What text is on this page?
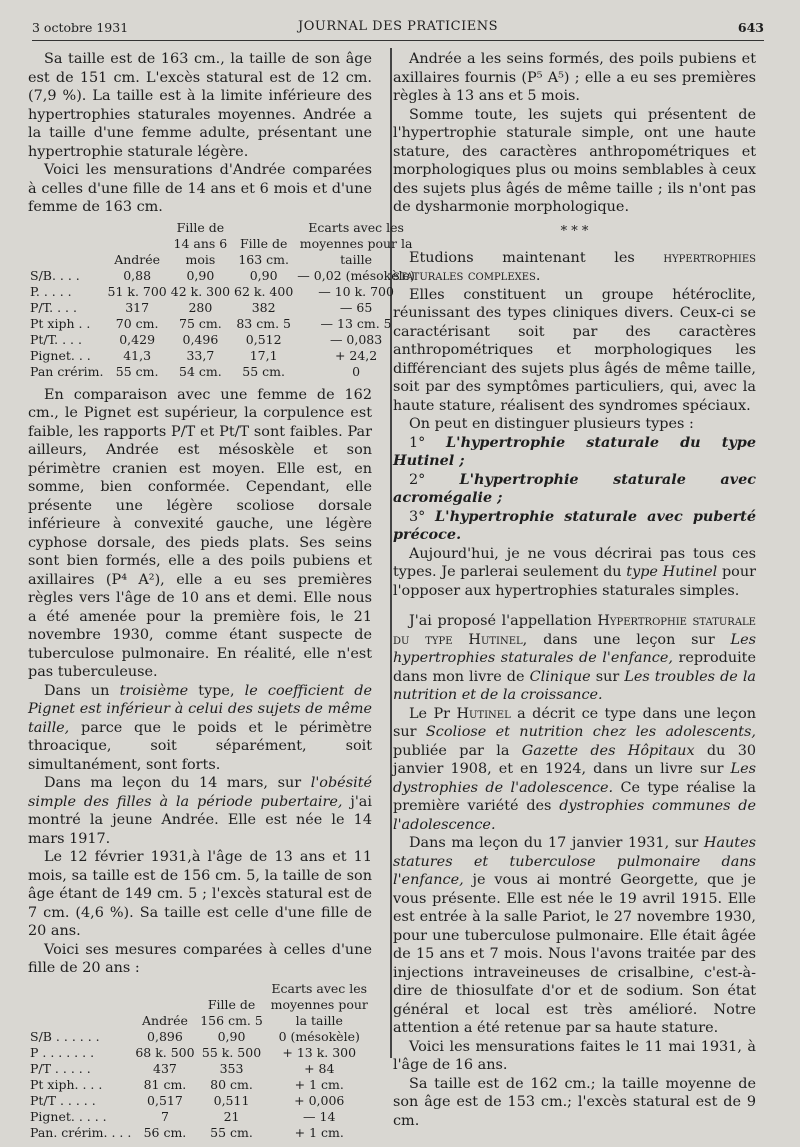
3 octobre 1931	JOURNAL DES PRATICIENS	643

Sa taille est de 163 cm., la taille de son âge est de 151 cm. L'excès statural est de 12 cm. (7,9 %). La taille est à la limite inférieure des hypertrophies staturales moyennes. Andrée a la taille d'une femme adulte, présentant une hypertrophie staturale légère.

Voici les mensurations d'Andrée comparées à celles d'une fille de 14 ans et 6 mois et d'une femme de 163 cm.

	Andrée	Fille de 14 ans 6 mois	Fille de 163 cm.	Ecarts avec les moyennes pour la taille
S/B. . . .	0,88	0,90	0,90	— 0,02 (mésokèle)
P. . . . .	51 k. 700	42 k. 300	62 k. 400	— 10 k. 700
P/T. . . .	317	280	382	— 65
Pt xiph . .	70 cm.	75 cm.	83 cm. 5	— 13 cm. 5
Pt/T. . . .	0,429	0,496	0,512	— 0,083
Pignet. . .	41,3	33,7	17,1	+ 24,2
Pan crérim.	55 cm.	54 cm.	55 cm.	0

En comparaison avec une femme de 162 cm., le Pignet est supérieur, la corpulence est faible, les rapports P/T et Pt/T sont faibles. Par ailleurs, Andrée est mésoskèle et son périmètre cranien est moyen. Elle est, en somme, bien conformée. Cependant, elle présente une légère scoliose dorsale inférieure à convexité gauche, une légère cyphose dorsale, des pieds plats. Ses seins sont bien formés, elle a des poils pubiens et axillaires (P⁴ A²), elle a eu ses premières règles vers l'âge de 10 ans et demi. Elle nous a été amenée pour la première fois, le 21 novembre 1930, comme étant suspecte de tuberculose pulmonaire. En réalité, elle n'est pas tuberculeuse.

Dans un troisième type, le coefficient de Pignet est inférieur à celui des sujets de même taille, parce que le poids et le périmètre throacique, soit séparément, soit simultanément, sont forts.

Dans ma leçon du 14 mars, sur l'obésité simple des filles à la période pubertaire, j'ai montré la jeune Andrée. Elle est née le 14 mars 1917.

Le 12 février 1931,à l'âge de 13 ans et 11 mois, sa taille est de 156 cm. 5, la taille de son âge étant de 149 cm. 5 ; l'excès statural est de 7 cm. (4,6 %). Sa taille est celle d'une fille de 20 ans.

Voici ses mesures comparées à celles d'une fille de 20 ans :

	Andrée	Fille de 156 cm. 5	Ecarts avec les moyennes pour la taille
S/B . . . . . .	0,896	0,90	0 (mésokèle)
P . . . . . . .	68 k. 500	55 k. 500	+ 13 k. 300
P/T . . . . .	437	353	+ 84
Pt xiph. . . .	81 cm.	80 cm.	+ 1 cm.
Pt/T . . . . .	0,517	0,511	+ 0,006
Pignet. . . . .	7	21	— 14
Pan. crérim. . . .	56 cm.	55 cm.	+ 1 cm.

Andrée a les seins formés, des poils pubiens et axillaires fournis (P⁵ A⁵) ; elle a eu ses premières règles à 13 ans et 5 mois.

Somme toute, les sujets qui présentent de l'hypertrophie staturale simple, ont une haute stature, des caractères anthropométriques et morphologiques plus ou moins semblables à ceux des sujets plus âgés de même taille ; ils n'ont pas de dysharmonie morphologique.

* * *

Etudions maintenant les hypertrophies staturales complexes.

Elles constituent un groupe hétéroclite, réunissant des types cliniques divers. Ceux-ci se caractérisant soit par des caractères anthropométriques et morphologiques les différenciant des sujets plus âgés de même taille, soit par des symptômes particuliers, qui, avec la haute stature, réalisent des syndromes spéciaux.

On peut en distinguer plusieurs types :

1° L'hypertrophie staturale du type Hutinel ;

2° L'hypertrophie staturale avec acromégalie ;

3° L'hypertrophie staturale avec puberté précoce.

Aujourd'hui, je ne vous décrirai pas tous ces types. Je parlerai seulement du type Hutinel pour l'opposer aux hypertrophies staturales simples.

J'ai proposé l'appellation Hypertrophie staturale du type Hutinel, dans une leçon sur Les hypertrophies staturales de l'enfance, reproduite dans mon livre de Clinique sur Les troubles de la nutrition et de la croissance.

Le Pr Hutinel a décrit ce type dans une leçon sur Scoliose et nutrition chez les adolescents, publiée par la Gazette des Hôpitaux du 30 janvier 1908, et en 1924, dans un livre sur Les dystrophies de l'adolescence. Ce type réalise la première variété des dystrophies communes de l'adolescence.

Dans ma leçon du 17 janvier 1931, sur Hautes statures et tuberculose pulmonaire dans l'enfance, je vous ai montré Georgette, que je vous présente. Elle est née le 19 avril 1915. Elle est entrée à la salle Pariot, le 27 novembre 1930, pour une tuberculose pulmonaire. Elle était âgée de 15 ans et 7 mois. Nous l'avons traitée par des injections intraveineuses de crisalbine, c'est-à-dire de thiosulfate d'or et de sodium. Son état général et local est très amélioré. Notre attention a été retenue par sa haute stature.

Voici les mensurations faites le 11 mai 1931, à l'âge de 16 ans.

Sa taille est de 162 cm.; la taille moyenne de son âge est de 153 cm.; l'excès statural est de 9 cm.
